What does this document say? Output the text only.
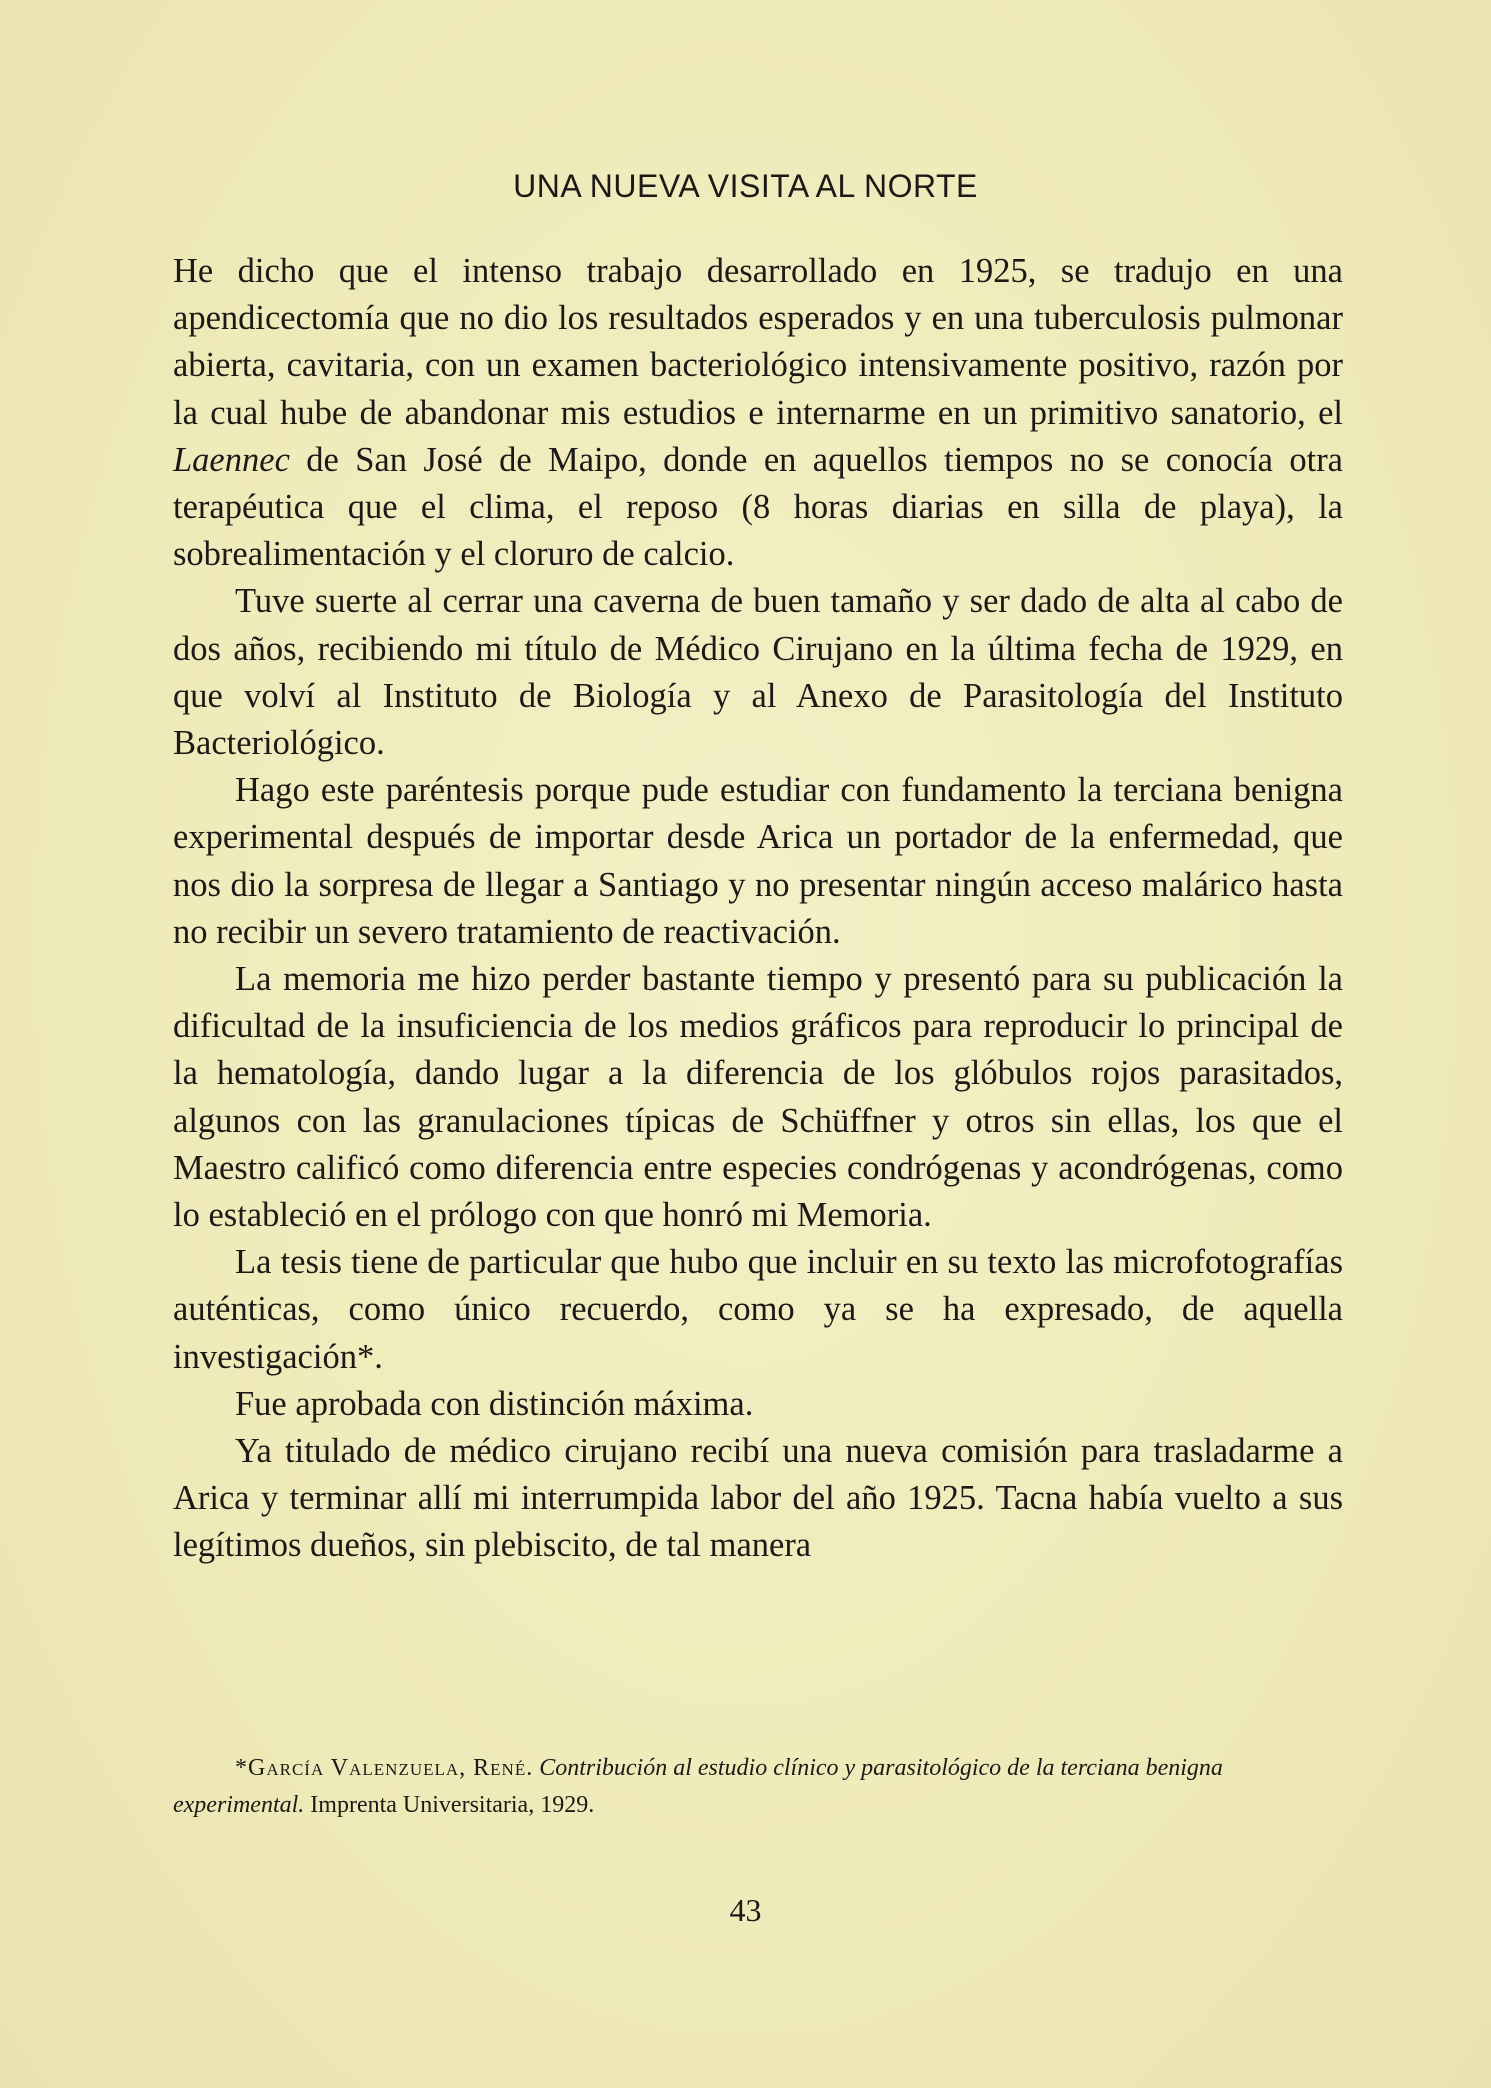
UNA NUEVA VISITA AL NORTE

He dicho que el intenso trabajo desarrollado en 1925, se tradujo en una apendicectomía que no dio los resultados esperados y en una tuberculosis pulmonar abierta, cavitaria, con un examen bacteriológico intensivamente positivo, razón por la cual hube de abandonar mis estudios e internarme en un primitivo sanatorio, el Laennec de San José de Maipo, donde en aquellos tiempos no se conocía otra terapéutica que el clima, el reposo (8 horas diarias en silla de playa), la sobrealimentación y el cloruro de calcio.

Tuve suerte al cerrar una caverna de buen tamaño y ser dado de alta al cabo de dos años, recibiendo mi título de Médico Cirujano en la última fecha de 1929, en que volví al Instituto de Biología y al Anexo de Parasitología del Instituto Bacteriológico.

Hago este paréntesis porque pude estudiar con fundamento la terciana benigna experimental después de importar desde Arica un portador de la enfermedad, que nos dio la sorpresa de llegar a Santiago y no presentar ningún acceso malárico hasta no recibir un severo tratamiento de reactivación.

La memoria me hizo perder bastante tiempo y presentó para su publicación la dificultad de la insuficiencia de los medios gráficos para reproducir lo principal de la hematología, dando lugar a la diferencia de los glóbulos rojos parasitados, algunos con las granulaciones típicas de Schüffner y otros sin ellas, los que el Maestro calificó como diferencia entre especies condrógenas y acondrógenas, como lo estableció en el prólogo con que honró mi Memoria.

La tesis tiene de particular que hubo que incluir en su texto las microfotografías auténticas, como único recuerdo, como ya se ha expresado, de aquella investigación*.

Fue aprobada con distinción máxima.

Ya titulado de médico cirujano recibí una nueva comisión para trasladarme a Arica y terminar allí mi interrumpida labor del año 1925. Tacna había vuelto a sus legítimos dueños, sin plebiscito, de tal manera

*García Valenzuela, René. Contribución al estudio clínico y parasitológico de la terciana benigna experimental. Imprenta Universitaria, 1929.
43
